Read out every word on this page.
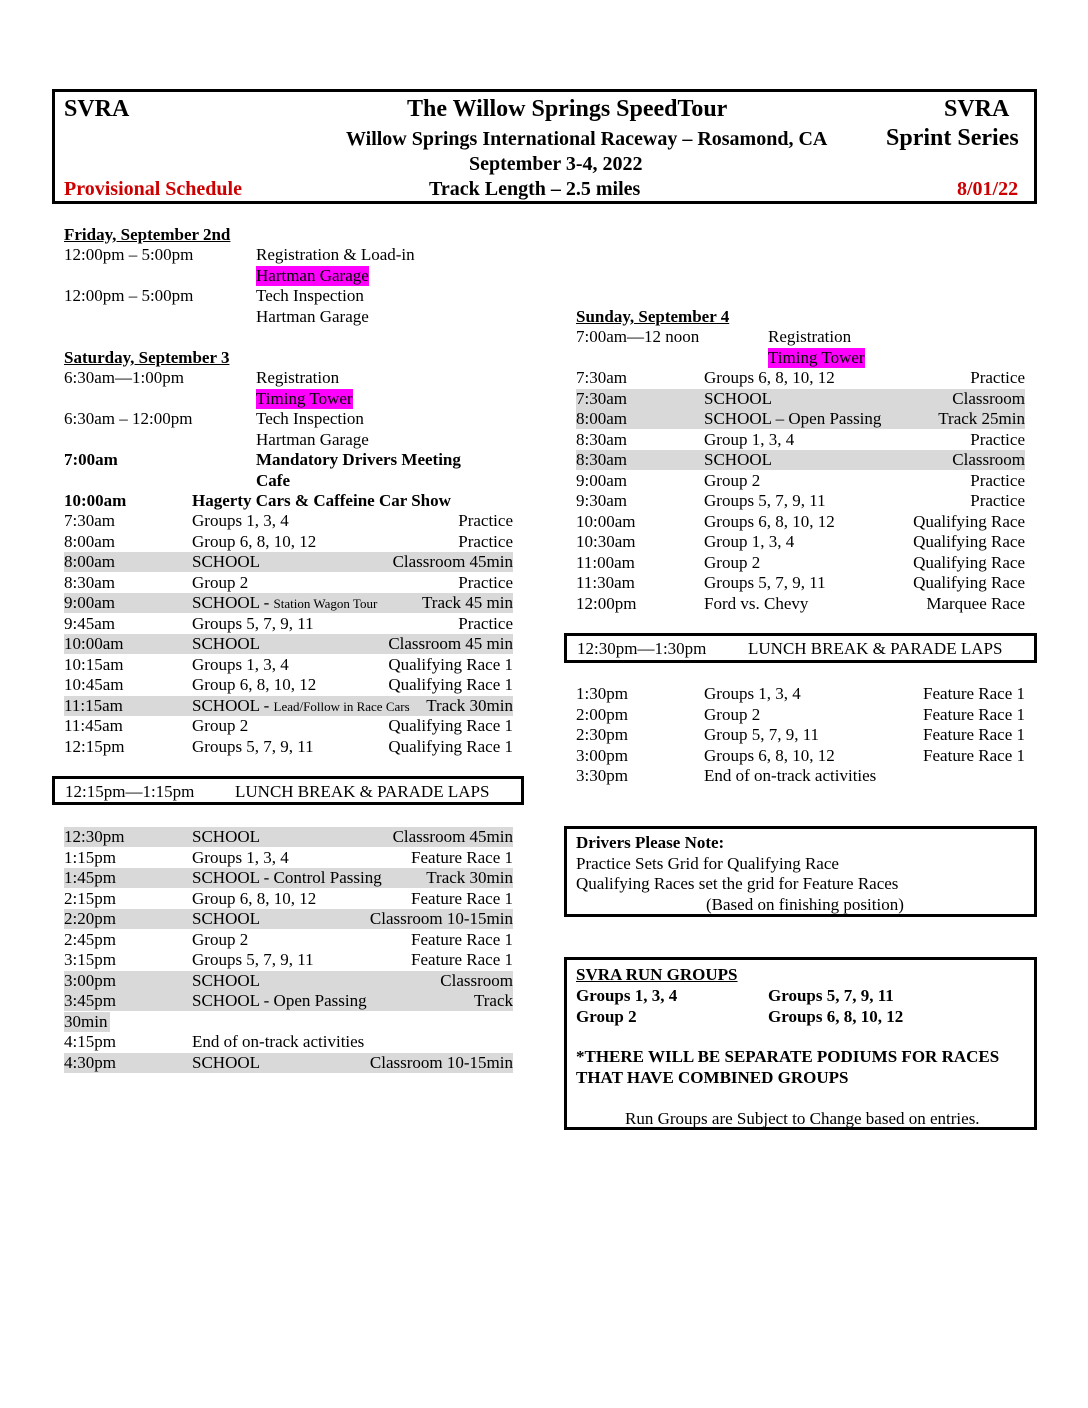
SVRA	The Willow Springs SpeedTour	SVRA
Willow Springs International Raceway – Rosamond, CA Sprint Series
September 3-4, 2022
Provisional Schedule	Track Length – 2.5 miles	8/01/22
Friday, September 2nd
12:00pm – 5:00pm	Registration & Load-in
Hartman Garage
12:00pm – 5:00pm	Tech Inspection
Hartman Garage
Saturday, September 3
6:30am—1:00pm	Registration
Timing Tower
6:30am – 12:00pm	Tech Inspection
Hartman Garage
7:00am	Mandatory Drivers Meeting
Cafe
10:00am	Hagerty Cars & Caffeine Car Show
7:30am	Groups 1, 3, 4	Practice
8:00am	Group 6, 8, 10, 12	Practice
8:00am	SCHOOL	Classroom 45min
8:30am	Group 2	Practice
9:00am	SCHOOL - Station Wagon Tour	Track 45 min
9:45am	Groups 5, 7, 9, 11	Practice
10:00am	SCHOOL	Classroom 45 min
10:15am	Groups 1, 3, 4	Qualifying Race 1
10:45am	Group 6, 8, 10, 12	Qualifying Race 1
11:15am	SCHOOL - Lead/Follow in Race Cars Track 30min
11:45am	Group 2	Qualifying Race 1
12:15pm	Groups 5, 7, 9, 11	Qualifying Race 1
12:15pm—1:15pm LUNCH BREAK & PARADE LAPS
12:30pm	SCHOOL	Classroom 45min
1:15pm	Groups 1, 3, 4	Feature Race 1
1:45pm	SCHOOL - Control Passing	Track 30min
2:15pm	Group 6, 8, 10, 12	Feature Race 1
2:20pm	SCHOOL	Classroom 10-15min
2:45pm	Group 2	Feature Race 1
3:15pm	Groups 5, 7, 9, 11	Feature Race 1
3:00pm	SCHOOL	Classroom
3:45pm	SCHOOL - Open Passing	Track
30min
4:15pm	End of on-track activities
4:30pm	SCHOOL	Classroom 10-15min
Sunday, September 4
7:00am—12 noon	Registration
Timing Tower
7:30am	Groups 6, 8, 10, 12	Practice
7:30am	SCHOOL	Classroom
8:00am	SCHOOL – Open Passing	Track 25min
8:30am	Group 1, 3, 4	Practice
8:30am	SCHOOL	Classroom
9:00am	Group 2	Practice
9:30am	Groups 5, 7, 9, 11	Practice
10:00am	Groups 6, 8, 10, 12	Qualifying Race
10:30am	Group 1, 3, 4	Qualifying Race
11:00am	Group 2	Qualifying Race
11:30am	Groups 5, 7, 9, 11	Qualifying Race
12:00pm	Ford vs. Chevy	Marquee Race
12:30pm—1:30pm LUNCH BREAK & PARADE LAPS
1:30pm	Groups 1, 3, 4	Feature Race 1
2:00pm	Group 2	Feature Race 1
2:30pm	Group 5, 7, 9, 11	Feature Race 1
3:00pm	Groups 6, 8, 10, 12	Feature Race 1
3:30pm	End of on-track activities
Drivers Please Note:
Practice Sets Grid for Qualifying Race
Qualifying Races set the grid for Feature Races
(Based on finishing position)
SVRA RUN GROUPS
Groups 1, 3, 4	Groups 5, 7, 9, 11
Group 2	Groups 6, 8, 10, 12
*THERE WILL BE SEPARATE PODIUMS FOR RACES
THAT HAVE COMBINED GROUPS
Run Groups are Subject to Change based on entries.
